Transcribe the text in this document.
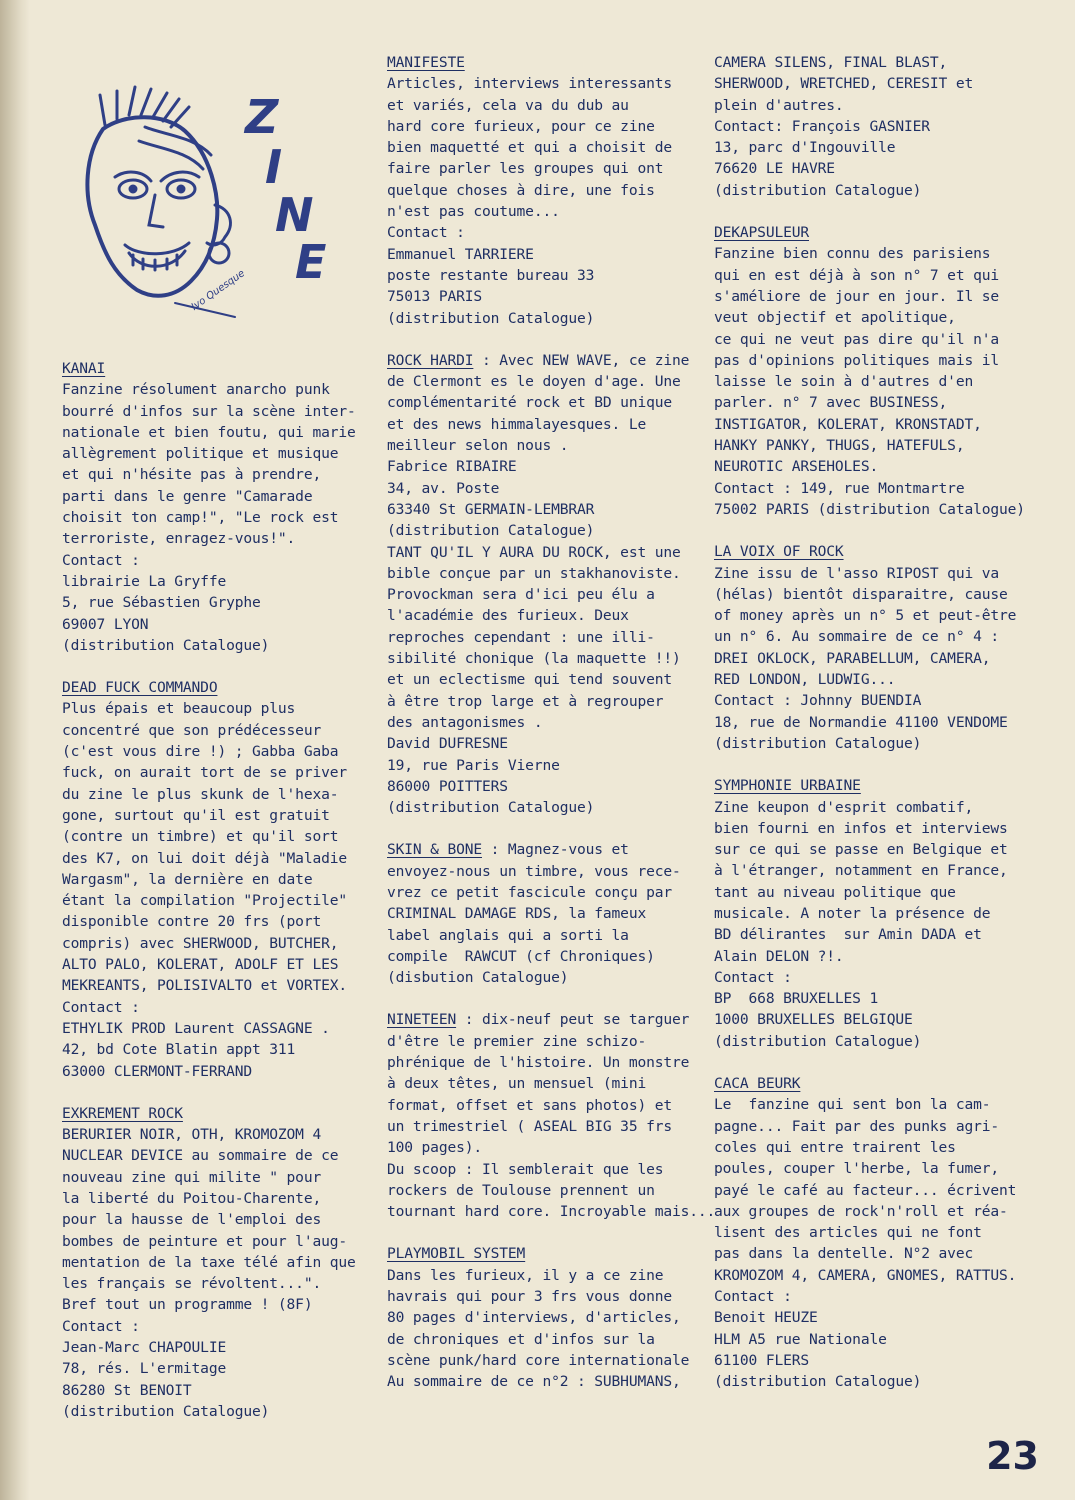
Z
I
N
E
Ivo Quesque
KANAI
Fanzine résolument anarcho punk
bourré d'infos sur la scène inter-
nationale et bien foutu, qui marie
allègrement politique et musique
et qui n'hésite pas à prendre,
parti dans le genre "Camarade
choisit ton camp!", "Le rock est
terroriste, enragez-vous!".
Contact :
librairie La Gryffe
5, rue Sébastien Gryphe
69007 LYON
(distribution Catalogue)
DEAD FUCK COMMANDO
Plus épais et beaucoup plus
concentré que son prédécesseur
(c'est vous dire !) ; Gabba Gaba
fuck, on aurait tort de se priver
du zine le plus skunk de l'hexa-
gone, surtout qu'il est gratuit
(contre un timbre) et qu'il sort
des K7, on lui doit déjà "Maladie
Wargasm", la dernière en date
étant la compilation "Projectile"
disponible contre 20 frs (port
compris) avec SHERWOOD, BUTCHER,
ALTO PALO, KOLERAT, ADOLF ET LES
MEKREANTS, POLISIVALTO et VORTEX.
Contact :
ETHYLIK PROD Laurent CASSAGNE .
42, bd Cote Blatin appt 311
63000 CLERMONT-FERRAND
EXKREMENT ROCK
BERURIER NOIR, OTH, KROMOZOM 4
NUCLEAR DEVICE au sommaire de ce
nouveau zine qui milite " pour
la liberté du Poitou-Charente,
pour la hausse de l'emploi des
bombes de peinture et pour l'aug-
mentation de la taxe télé afin que
les français se révoltent...".
Bref tout un programme ! (8F)
Contact :
Jean-Marc CHAPOULIE
78, rés. L'ermitage
86280 St BENOIT
(distribution Catalogue)
MANIFESTE
Articles, interviews interessants
et variés, cela va du dub au
hard core furieux, pour ce zine
bien maquetté et qui a choisit de
faire parler les groupes qui ont
quelque choses à dire, une fois
n'est pas coutume...
Contact :
Emmanuel TARRIERE
poste restante bureau 33
75013 PARIS
(distribution Catalogue)
ROCK HARDI : Avec NEW WAVE, ce zine
de Clermont es le doyen d'age. Une
complémentarité rock et BD unique
et des news himmalayesques. Le
meilleur selon nous .
Fabrice RIBAIRE
34, av. Poste
63340 St GERMAIN-LEMBRAR
(distribution Catalogue)
TANT QU'IL Y AURA DU ROCK, est une
bible conçue par un stakhanoviste.
Provockman sera d'ici peu élu a
l'académie des furieux. Deux
reproches cependant : une illi-
sibilité chonique (la maquette !!)
et un eclectisme qui tend souvent
à être trop large et à regrouper
des antagonismes .
David DUFRESNE
19, rue Paris Vierne
86000 POITTERS
(distribution Catalogue)
SKIN & BONE : Magnez-vous et
envoyez-nous un timbre, vous rece-
vrez ce petit fascicule conçu par
CRIMINAL DAMAGE RDS, la fameux
label anglais qui a sorti la
compile  RAWCUT (cf Chroniques)
(disbution Catalogue)
NINETEEN : dix-neuf peut se targuer
d'être le premier zine schizo-
phrénique de l'histoire. Un monstre
à deux têtes, un mensuel (mini
format, offset et sans photos) et
un trimestriel ( ASEAL BIG 35 frs
100 pages).
Du scoop : Il semblerait que les
rockers de Toulouse prennent un
tournant hard core. Incroyable mais...
PLAYMOBIL SYSTEM
Dans les furieux, il y a ce zine
havrais qui pour 3 frs vous donne
80 pages d'interviews, d'articles,
de chroniques et d'infos sur la
scène punk/hard core internationale
Au sommaire de ce n°2 : SUBHUMANS,
CAMERA SILENS, FINAL BLAST,
SHERWOOD, WRETCHED, CERESIT et
plein d'autres.
Contact: François GASNIER
13, parc d'Ingouville
76620 LE HAVRE
(distribution Catalogue)
DEKAPSULEUR
Fanzine bien connu des parisiens
qui en est déjà à son n° 7 et qui
s'améliore de jour en jour. Il se
veut objectif et apolitique,
ce qui ne veut pas dire qu'il n'a
pas d'opinions politiques mais il
laisse le soin à d'autres d'en
parler. n° 7 avec BUSINESS,
INSTIGATOR, KOLERAT, KRONSTADT,
HANKY PANKY, THUGS, HATEFULS,
NEUROTIC ARSEHOLES.
Contact : 149, rue Montmartre
75002 PARIS (distribution Catalogue)
LA VOIX OF ROCK
Zine issu de l'asso RIPOST qui va
(hélas) bientôt disparaitre, cause
of money après un n° 5 et peut-être
un n° 6. Au sommaire de ce n° 4 :
DREI OKLOCK, PARABELLUM, CAMERA,
RED LONDON, LUDWIG...
Contact : Johnny BUENDIA
18, rue de Normandie 41100 VENDOME
(distribution Catalogue)
SYMPHONIE URBAINE
Zine keupon d'esprit combatif,
bien fourni en infos et interviews
sur ce qui se passe en Belgique et
à l'étranger, notamment en France,
tant au niveau politique que
musicale. A noter la présence de
BD délirantes  sur Amin DADA et
Alain DELON ?!.
Contact :
BP  668 BRUXELLES 1
1000 BRUXELLES BELGIQUE
(distribution Catalogue)
CACA BEURK
Le  fanzine qui sent bon la cam-
pagne... Fait par des punks agri-
coles qui entre trairent les
poules, couper l'herbe, la fumer,
payé le café au facteur... écrivent
aux groupes de rock'n'roll et réa-
lisent des articles qui ne font
pas dans la dentelle. N°2 avec
KROMOZOM 4, CAMERA, GNOMES, RATTUS.
Contact :
Benoit HEUZE
HLM A5 rue Nationale
61100 FLERS
(distribution Catalogue)
23
